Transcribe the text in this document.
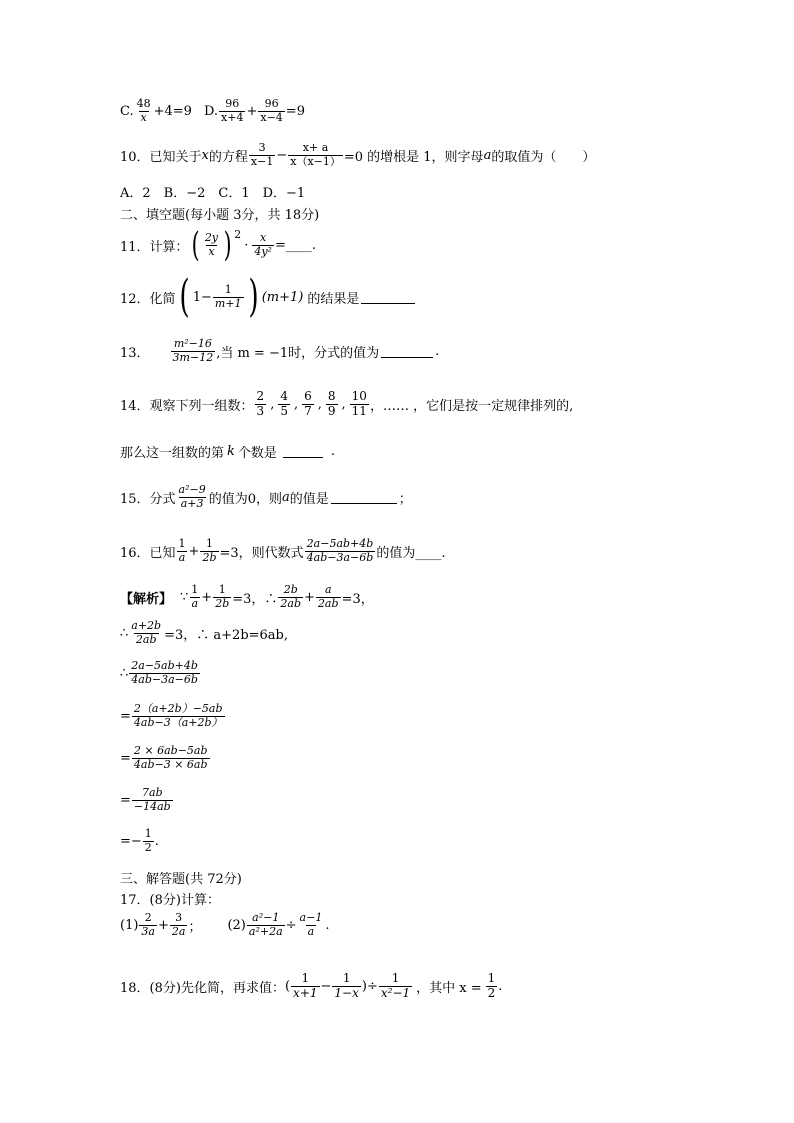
C. $\frac{48}{x} +4=9$ D. $\frac{96}{x+4} + \frac{96}{x-4} =9$
10．已知关于 x 的方程 $\frac{3}{x-1} - \frac{x+ a}{x(x-1)} =0$ 的增根是 1，则字母 a 的取值为（　　）
A．2　B．−2　C．1　D．−1
二、填空题(每小题 3分，共 18分)
11．计算： ( $\frac{2y}{x} )^2$
· $\frac{x}{\text{4y²}}$ =____.
12．化简 ( $1- \frac{1}{m+1}$ ) (m+1) 的结果是
13． $\frac{\text{m²−16}}{3m-12}$ ,当 m = −1时，分式的值为	.
14．观察下列一组数： $\frac{2}{3}$ , $\frac{4}{5}$ , $\frac{6}{7}$ , $\frac{8}{9}$ , $\frac{10}{11}$ ，…… ，它们是按一定规律排列的,
那么这一组数的第 k 个数是	.
15．分式 $\frac{\text{a²−9}}{a+3}$ 的值为0，则 a 的值是	；
16．已知 $\frac{1}{a} + \frac{1}{2b} =3$，则代数式 $\frac{2a-5ab+4b}{4ab-3a-6b}$ 的值为____.
【解析】 ∵ $\frac{1}{a} + \frac{1}{2b} =3$，∴ $\frac{2b}{2ab} + \frac{a}{2ab} =3$，
∴ $\frac{a+2b}{2ab} =3$，∴ a+2b=6ab,
∴ $\frac{2a-5ab+4b}{4ab-3a-6b}$
= $\frac{2(a+2b)-5ab}{4ab-3(a+2b)}$
= $\frac{2 \times 6ab-5ab}{4ab-3 \times 6ab}$
= $\frac{7ab}{-14ab}$
=− $\frac{1}{2}$ .
三、解答题(共 72分)
17．(8分)计算：
$(1) \frac{2}{3a} + \frac{3}{2a}$ ； $(2) \frac{\text{a²−1}}{\text{a²+2a}} \div \frac{a-1}{a}$ .
18．(8分)先化简，再求值： ( $\frac{1}{x+1} - \frac{1}{1-x}$ ) ÷ $\frac{1}{\text{x²−1}}$ ，其中 $x = \frac{1}{2}$ .
